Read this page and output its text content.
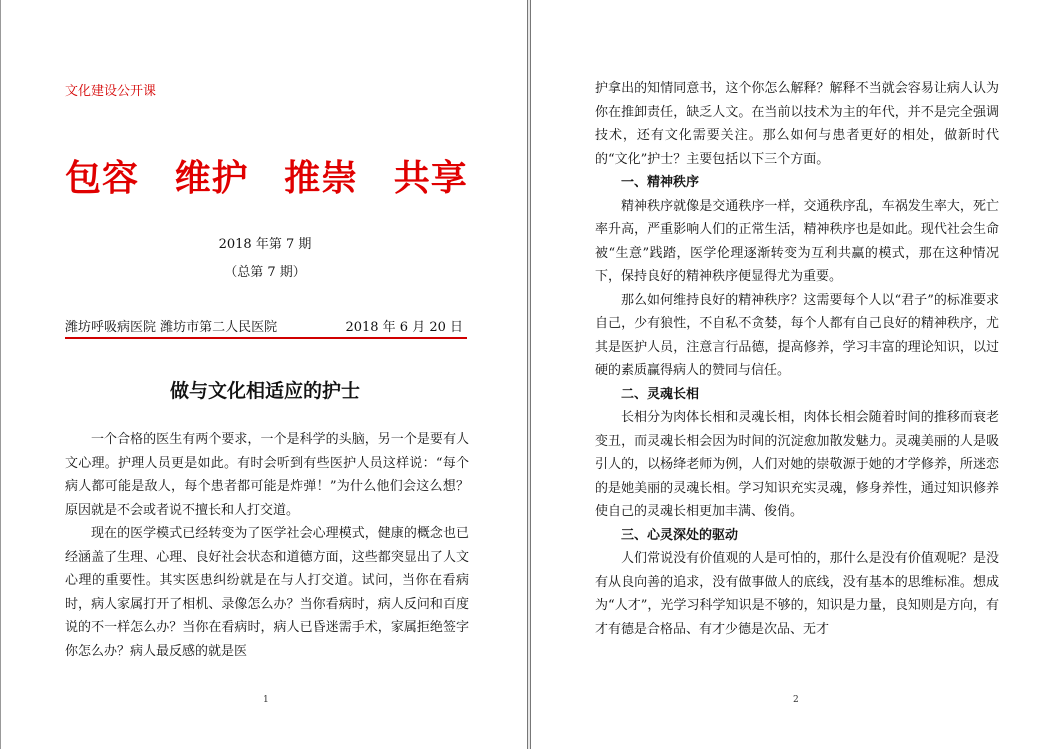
文化建设公开课
包容 维护 推崇 共享
2018 年第 7 期
（总第 7 期）
潍坊呼吸病医院 潍坊市第二人民医院	2018 年 6 月 20 日
做与文化相适应的护士

一个合格的医生有两个要求，一个是科学的头脑，另一个是要有人文心理。护理人员更是如此。有时会听到有些医护人员这样说：“每个病人都可能是敌人，每个患者都可能是炸弹！”为什么他们会这么想？原因就是不会或者说不擅长和人打交道。

现在的医学模式已经转变为了医学社会心理模式，健康的概念也已经涵盖了生理、心理、良好社会状态和道德方面，这些都突显出了人文心理的重要性。其实医患纠纷就是在与人打交道。试问，当你在看病时，病人家属打开了相机、录像怎么办？当你看病时，病人反问和百度说的不一样怎么办？当你在看病时，病人已昏迷需手术，家属拒绝签字你怎么办？病人最反感的就是医

1

护拿出的知情同意书，这个你怎么解释？解释不当就会容易让病人认为你在推卸责任，缺乏人文。在当前以技术为主的年代，并不是完全强调技术，还有文化需要关注。那么如何与患者更好的相处，做新时代的“文化”护士？主要包括以下三个方面。

一、精神秩序

精神秩序就像是交通秩序一样，交通秩序乱，车祸发生率大，死亡率升高，严重影响人们的正常生活，精神秩序也是如此。现代社会生命被“生意”践踏，医学伦理逐渐转变为互利共赢的模式，那在这种情况下，保持良好的精神秩序便显得尤为重要。

那么如何维持良好的精神秩序？这需要每个人以“君子”的标准要求自己，少有狼性，不自私不贪婪，每个人都有自己良好的精神秩序，尤其是医护人员，注意言行品德，提高修养，学习丰富的理论知识，以过硬的素质赢得病人的赞同与信任。

二、灵魂长相

长相分为肉体长相和灵魂长相，肉体长相会随着时间的推移而衰老变丑，而灵魂长相会因为时间的沉淀愈加散发魅力。灵魂美丽的人是吸引人的，以杨绛老师为例，人们对她的崇敬源于她的才学修养，所迷恋的是她美丽的灵魂长相。学习知识充实灵魂，修身养性，通过知识修养使自己的灵魂长相更加丰满、俊俏。

三、心灵深处的驱动

人们常说没有价值观的人是可怕的，那什么是没有价值观呢？是没有从良向善的追求，没有做事做人的底线，没有基本的思维标准。想成为“人才”，光学习科学知识是不够的，知识是力量，良知则是方向，有才有德是合格品、有才少德是次品、无才

2
